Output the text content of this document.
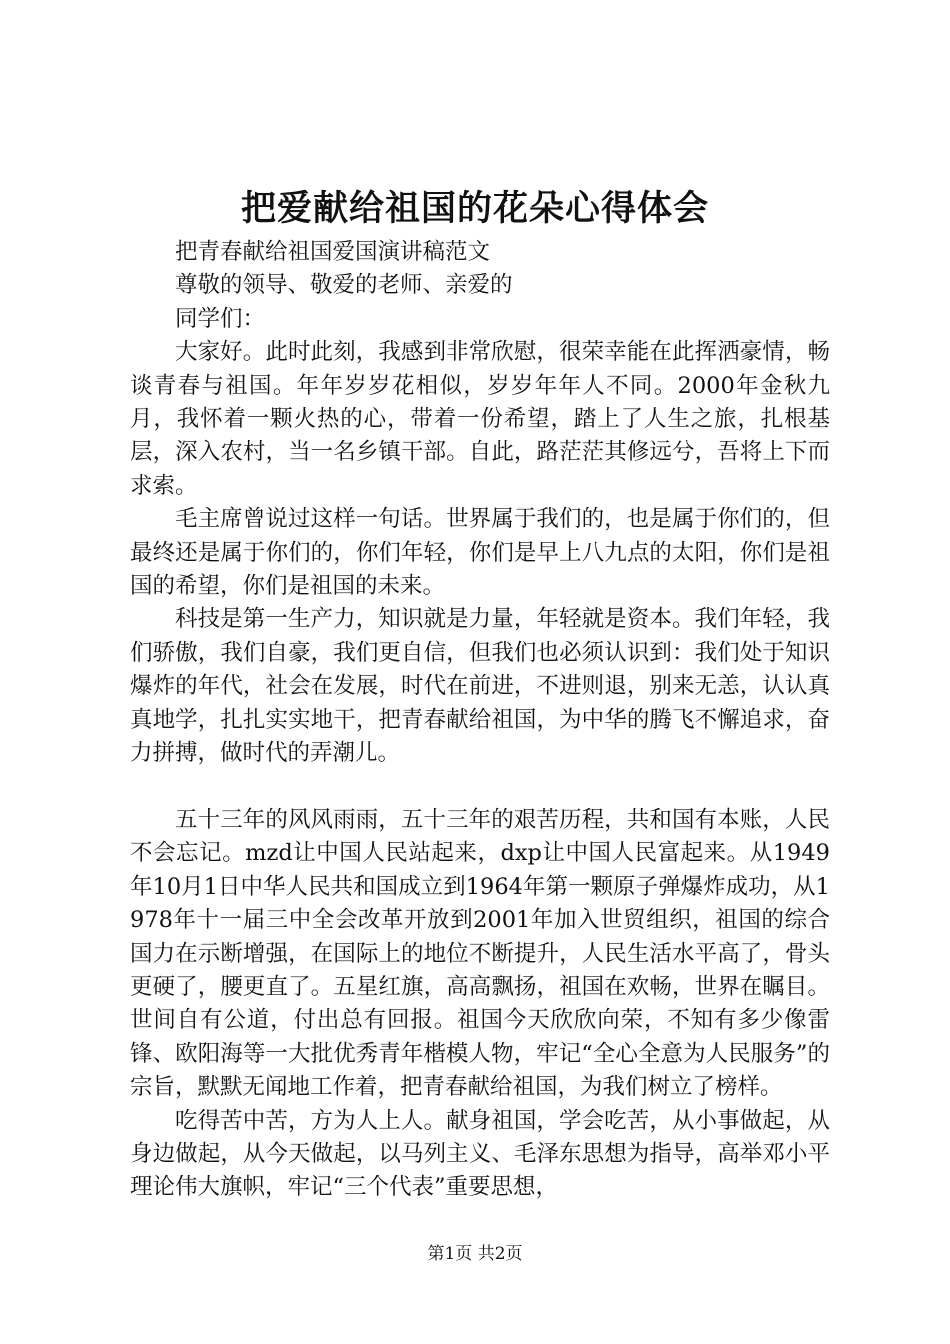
把爱献给祖国的花朵心得体会

把青春献给祖国爱国演讲稿范文

尊敬的领导、敬爱的老师、亲爱的

同学们：

大家好。此时此刻，我感到非常欣慰，很荣幸能在此挥洒豪情，畅谈青春与祖国。年年岁岁花相似，岁岁年年人不同。2000年金秋九月，我怀着一颗火热的心，带着一份希望，踏上了人生之旅，扎根基层，深入农村，当一名乡镇干部。自此，路茫茫其修远兮，吾将上下而求索。

毛主席曾说过这样一句话。世界属于我们的，也是属于你们的，但最终还是属于你们的，你们年轻，你们是早上八九点的太阳，你们是祖国的希望，你们是祖国的未来。

科技是第一生产力，知识就是力量，年轻就是资本。我们年轻，我们骄傲，我们自豪，我们更自信，但我们也必须认识到：我们处于知识爆炸的年代，社会在发展，时代在前进，不进则退，别来无恙，认认真真地学，扎扎实实地干，把青春献给祖国，为中华的腾飞不懈追求，奋力拼搏，做时代的弄潮儿。

五十三年的风风雨雨，五十三年的艰苦历程，共和国有本账，人民不会忘记。mzd让中国人民站起来，dxp让中国人民富起来。从1949年10月1日中华人民共和国成立到1964年第一颗原子弹爆炸成功，从1978年十一届三中全会改革开放到2001年加入世贸组织，祖国的综合国力在示断增强，在国际上的地位不断提升，人民生活水平高了，骨头更硬了，腰更直了。五星红旗，高高飘扬，祖国在欢畅，世界在瞩目。世间自有公道，付出总有回报。祖国今天欣欣向荣，不知有多少像雷锋、欧阳海等一大批优秀青年楷模人物，牢记“全心全意为人民服务”的宗旨，默默无闻地工作着，把青春献给祖国，为我们树立了榜样。

吃得苦中苦，方为人上人。献身祖国，学会吃苦，从小事做起，从身边做起，从今天做起，以马列主义、毛泽东思想为指导，高举邓小平理论伟大旗帜，牢记“三个代表”重要思想，

第1页 共2页
